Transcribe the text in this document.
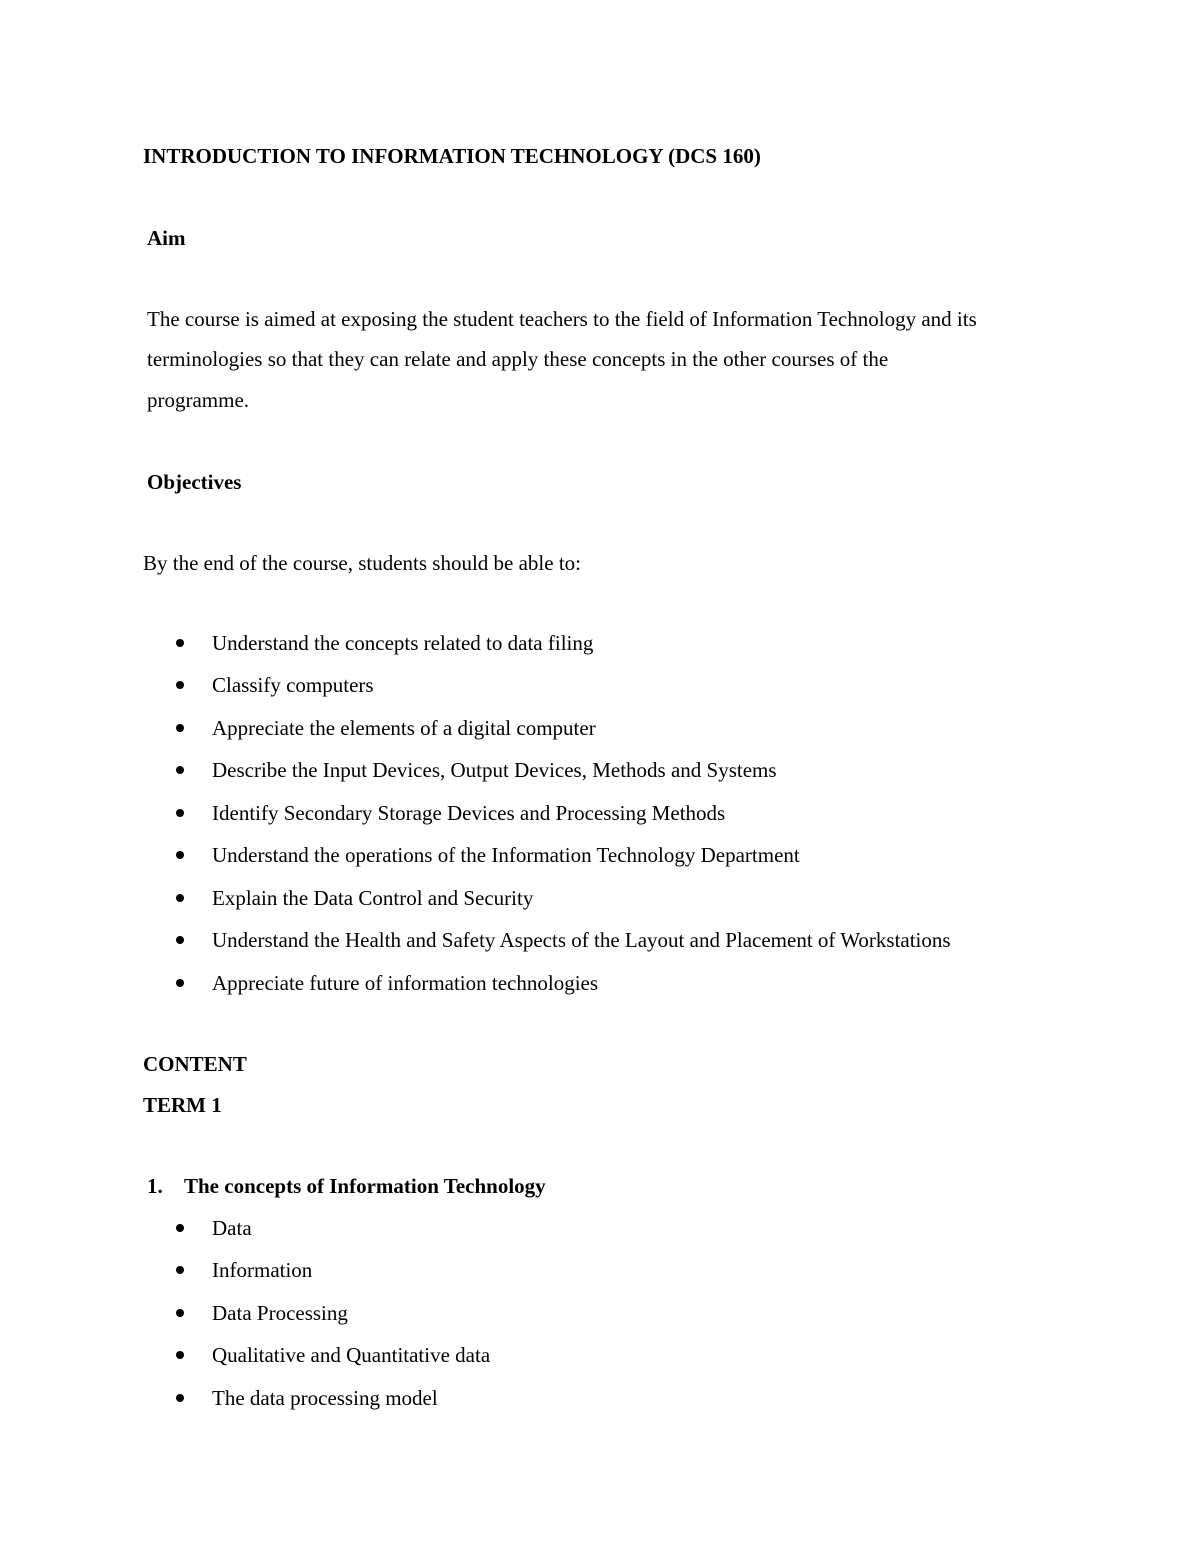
INTRODUCTION TO INFORMATION TECHNOLOGY (DCS 160)
Aim
The course is aimed at exposing the student teachers to the field of Information Technology and its
terminologies so that they can relate and apply these concepts in the other courses of the
programme.
Objectives
By the end of the course, students should be able to:
Understand the concepts related to data filing
Classify computers
Appreciate the elements of a digital computer
Describe the Input Devices, Output Devices, Methods and Systems
Identify Secondary Storage Devices and Processing Methods
Understand the operations of the Information Technology Department
Explain the Data Control and Security
Understand the Health and Safety Aspects of the Layout and Placement of Workstations
Appreciate future of information technologies
CONTENT
TERM 1
1. The concepts of Information Technology
Data
Information
Data Processing
Qualitative and Quantitative data
The data processing model
